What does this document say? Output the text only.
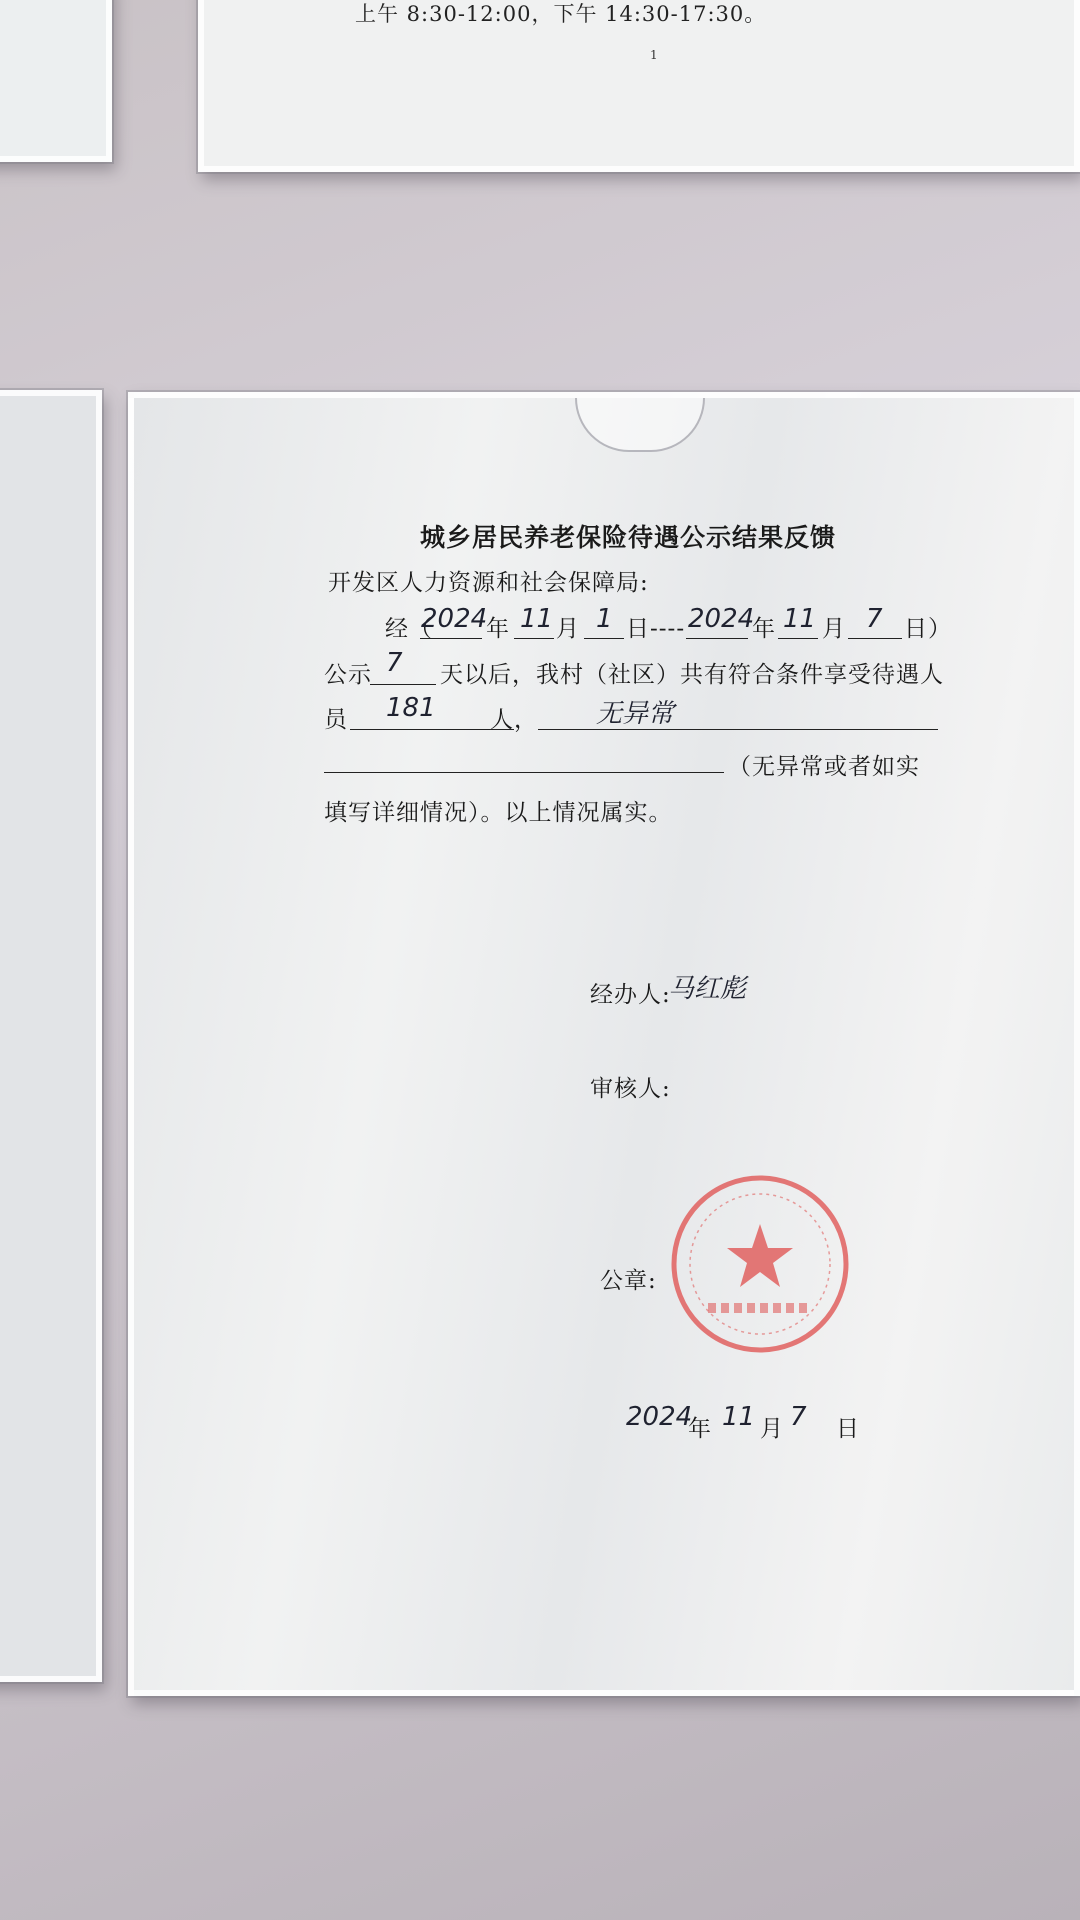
上午 8:30-12:00，下午 14:30-17:30。
1
城乡居民养老保险待遇公示结果反馈
开发区人力资源和社会保障局:
经（
2024
年 11 月 1 日---- 2024
年 11 月 7 日）
公示 7 天以后，我村（社区）共有符合条件享受待遇人
员 181 人， 无异常
（无异常或者如实
填写详细情况）。以上情况属实。
经办人:
马红彪
审核人:
公章:
2024
年 11 月 7 日
